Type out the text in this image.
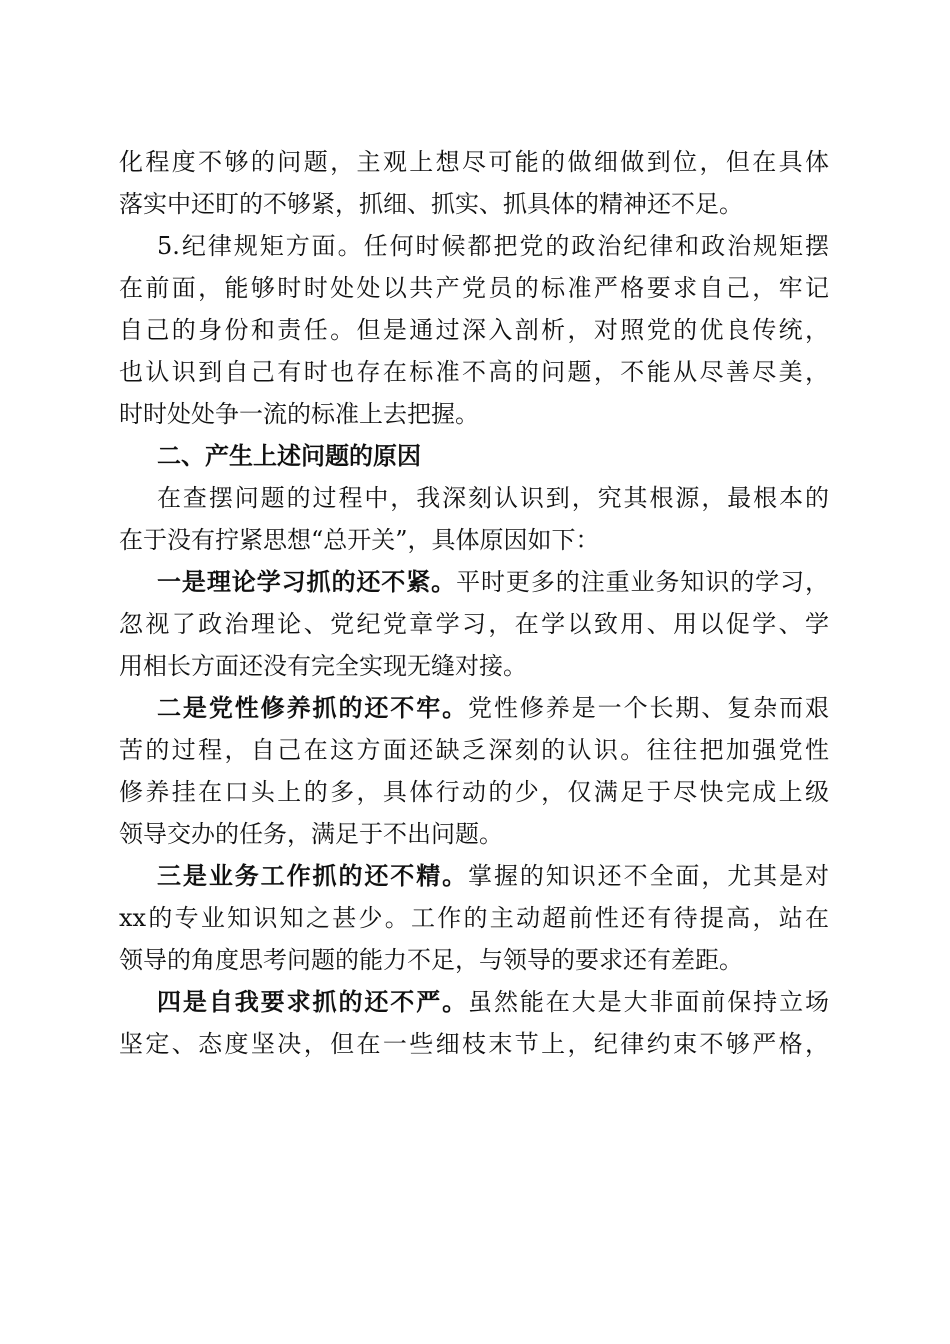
化程度不够的问题，主观上想尽可能的做细做到位，但在具体
落实中还盯的不够紧，抓细、抓实、抓具体的精神还不足。
5.纪律规矩方面。任何时候都把党的政治纪律和政治规矩摆
在前面，能够时时处处以共产党员的标准严格要求自己，牢记
自己的身份和责任。但是通过深入剖析，对照党的优良传统，
也认识到自己有时也存在标准不高的问题，不能从尽善尽美，
时时处处争一流的标准上去把握。
二、产生上述问题的原因
在查摆问题的过程中，我深刻认识到，究其根源，最根本的
在于没有拧紧思想“总开关”，具体原因如下：
一是理论学习抓的还不紧。平时更多的注重业务知识的学习，
忽视了政治理论、党纪党章学习，在学以致用、用以促学、学
用相长方面还没有完全实现无缝对接。
二是党性修养抓的还不牢。党性修养是一个长期、复杂而艰
苦的过程，自己在这方面还缺乏深刻的认识。往往把加强党性
修养挂在口头上的多，具体行动的少，仅满足于尽快完成上级
领导交办的任务，满足于不出问题。
三是业务工作抓的还不精。掌握的知识还不全面，尤其是对
xx的专业知识知之甚少。工作的主动超前性还有待提高，站在
领导的角度思考问题的能力不足，与领导的要求还有差距。
四是自我要求抓的还不严。虽然能在大是大非面前保持立场
坚定、态度坚决，但在一些细枝末节上，纪律约束不够严格，
